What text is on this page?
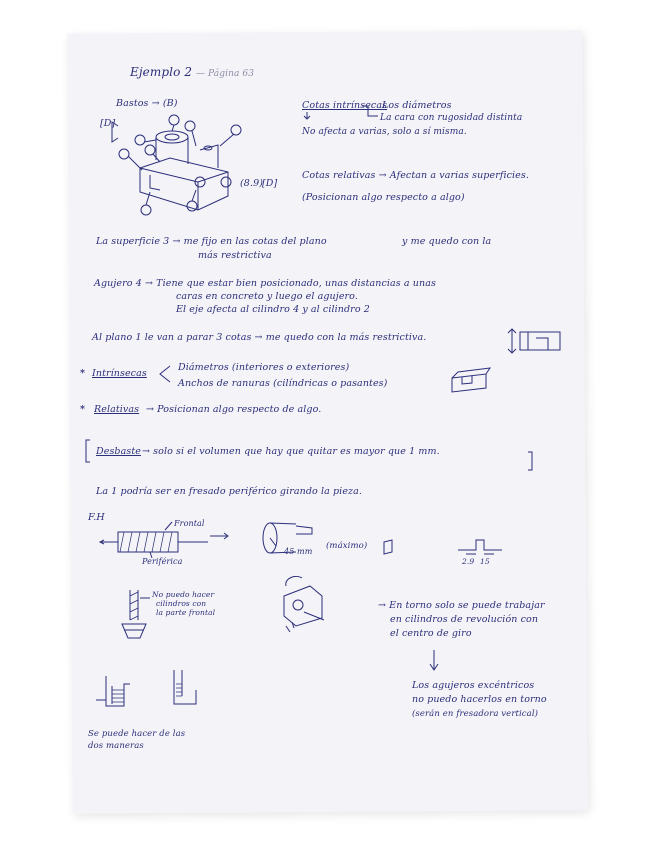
Ejemplo 2 — Página 63
Bastos → (B)
[D]
(8.9)
[D]
Cotas intrínsecas
Los diámetros
La cara con rugosidad distinta
No afecta a varias, solo a sí misma.
Cotas relativas → Afectan a varias superficies.
(Posicionan algo respecto a algo)
La superficie 3 → me fijo en las cotas del plano	y me quedo con la
más restrictiva
Agujero 4 → Tiene que estar bien posicionado, unas distancias a unas
caras en concreto y luego el agujero.
El eje afecta al cilindro 4 y al cilindro 2
Al plano 1 le van a parar 3 cotas → me quedo con la más restrictiva.
* Intrínsecas
Diámetros (interiores o exteriores)
Anchos de ranuras (cilíndricas o pasantes)
* Relativas → Posicionan algo respecto de algo.
Desbaste → solo si el volumen que hay que quitar es mayor que 1 mm.
La 1 podría ser en fresado periférico girando la pieza.
F.H
Frontal
Periférica
45 mm
(máximo)
2.9 15
No puedo hacer
cilindros con
la parte frontal
→ En torno solo se puede trabajar
en cilindros de revolución con
el centro de giro
Los agujeros excéntricos
no puedo hacerlos en torno
(serán en fresadora vertical)
Se puede hacer de las
dos maneras
